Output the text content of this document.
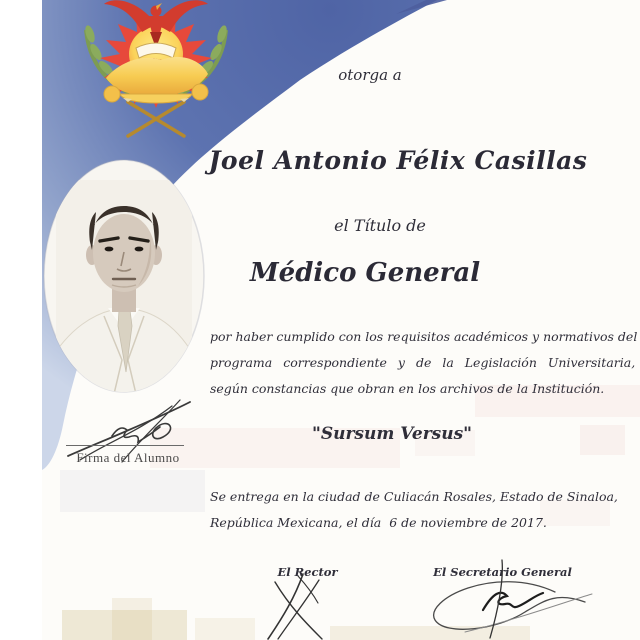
otorga a
Joel Antonio Félix Casillas
el Título de
Médico General
por haber cumplido con los requisitos académicos y normativos del
programa correspondiente y de la Legislación Universitaria,
según constancias que obran en los archivos de la Institución.
"Sursum Versus"
Se entrega en la ciudad de Culiacán Rosales, Estado de Sinaloa,
República Mexicana, el día  6 de noviembre de 2017.
Firma del Alumno
El Rector	El Secretario General
